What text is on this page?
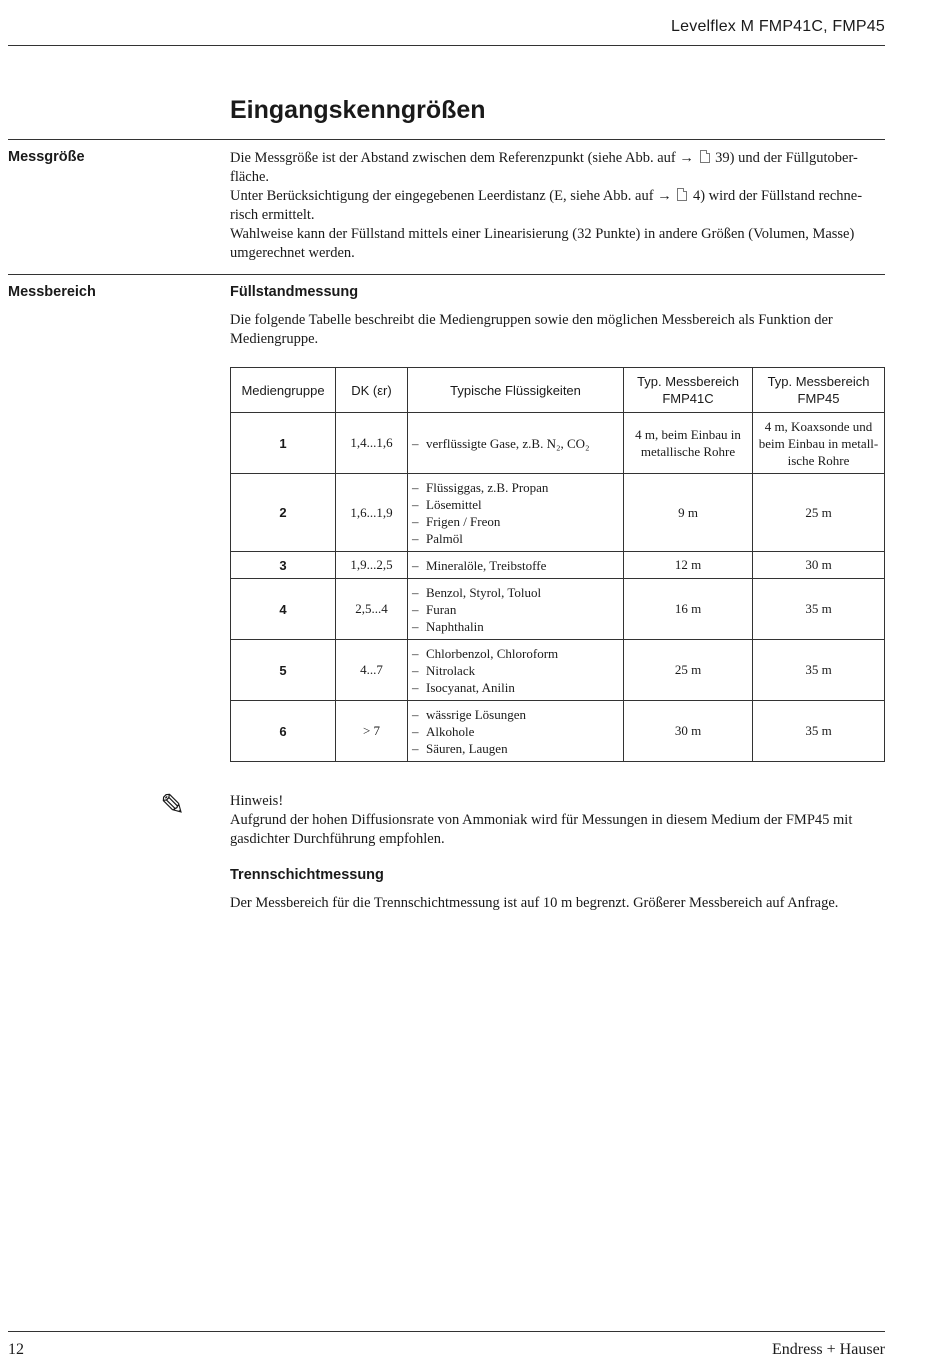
Levelflex M FMP41C, FMP45
Eingangskenngrößen
Messgröße	Die Messgröße ist der Abstand zwischen dem Referenzpunkt (siehe Abb. auf →  39) und der Füllgutober-fläche.

Unter Berücksichtigung der eingegebenen Leerdistanz (E, siehe Abb. auf →  4) wird der Füllstand rechne-risch ermittelt.

Wahlweise kann der Füllstand mittels einer Linearisierung (32 Punkte) in andere Größen (Volumen, Masse) umgerechnet werden.

Messbereich	Füllstandmessung
Die folgende Tabelle beschreibt die Mediengruppen sowie den möglichen Messbereich als Funktion der Mediengruppe.
Mediengruppe	DK (εr)	Typische Flüssigkeiten	Typ. Messbereich FMP41C	Typ. Messbereich FMP45
1	1,4...1,6	– verflüssigte Gase, z.B. N₂, CO₂	4 m, beim Einbau in metallische Rohre	4 m, Koaxsonde und beim Einbau in metall-ische Rohre
2	1,6...1,9	– Flüssiggas, z.B. Propan
– Lösemittel
– Frigen / Freon
– Palmöl	9 m	25 m
3	1,9...2,5	– Mineralöle, Treibstoffe	12 m	30 m
4	2,5...4	– Benzol, Styrol, Toluol
– Furan
– Naphthalin	16 m	35 m
5	4...7	– Chlorbenzol, Chloroform
– Nitrolack
– Isocyanat, Anilin	25 m	35 m
6	> 7	– wässrige Lösungen
– Alkohole
– Säuren, Laugen	30 m	35 m
✎	Hinweis!

Aufgrund der hohen Diffusionsrate von Ammoniak wird für Messungen in diesem Medium der FMP45 mit gasdichter Durchführung empfohlen.

Trennschichtmessung
Der Messbereich für die Trennschichtmessung ist auf 10 m begrenzt. Größerer Messbereich auf Anfrage.
12	Endress + Hauser
